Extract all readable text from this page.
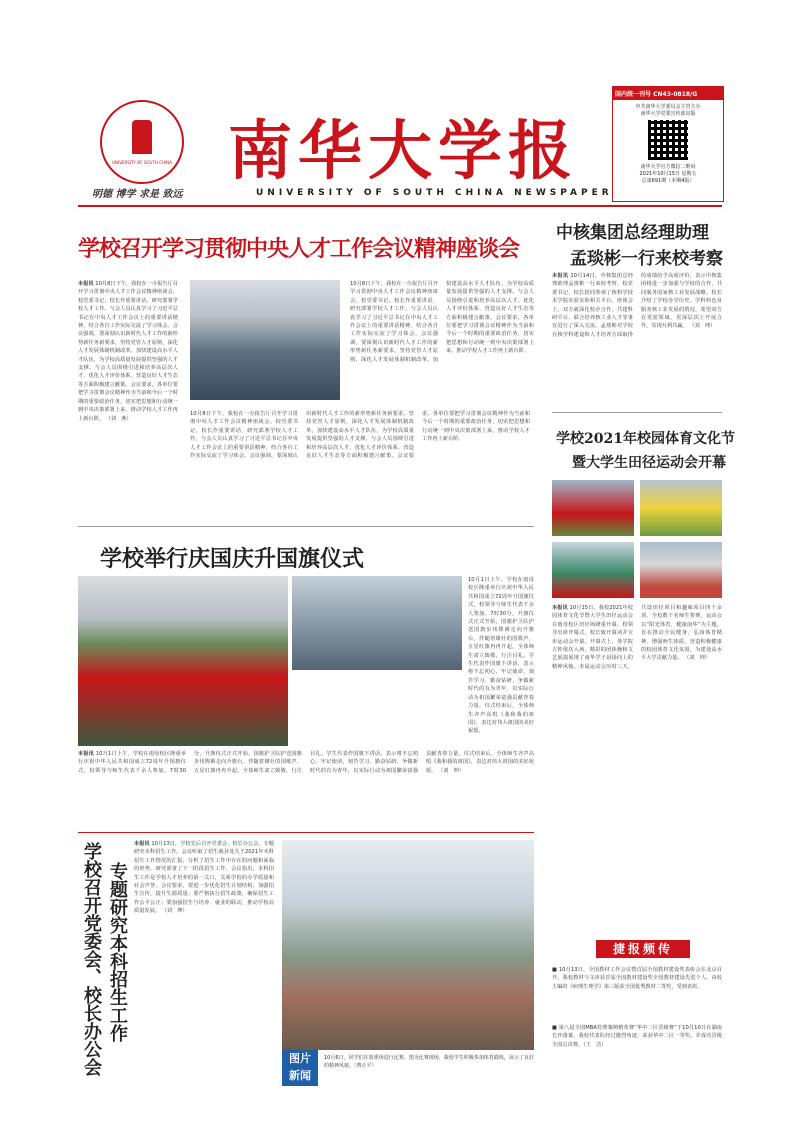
UNIVERSITY OF SOUTH CHINA
明德 博学 求是 致远
南华大学报
UNIVERSITY OF SOUTH CHINA NEWSPAPER
国内统一刊号 CN43-0818/G
中共南华大学委员会主管主办
南华大学党委宣传部出版
南华大学官方微信二维码
2021年10月15日 星期五
总第691期（本期4版）
学校召开学习贯彻中央人才工作会议精神座谈会
本报讯 10月8日下午，我校在一办报告厅召开学习贯彻中央人才工作会议精神座谈会，校党委书记、校长作重要讲话，研究部署学校人才工作。与会人员认真学习了习近平总书记在中央人才工作会议上的重要讲话精神，结合各自工作实际交流了学习体会。会议强调，要深刻认识新时代人才工作的新形势新任务新要求，坚持党管人才原则，深化人才发展体制机制改革，加快建设高水平人才队伍，为学校高质量发展提供坚强的人才支撑。与会人员围绕引进和培养高层次人才、优化人才评价体系、营造良好人才生态等方面积极建言献策。会议要求，各单位要把学习贯彻会议精神作为当前和今后一个时期的重要政治任务，切实把思想和行动统一到中央决策部署上来，推动学校人才工作再上新台阶。 （刘　燕）
10月8日下午，我校在一办报告厅召开学习贯彻中央人才工作会议精神座谈会，校党委书记、校长作重要讲话，研究部署学校人才工作。与会人员认真学习了习近平总书记在中央人才工作会议上的重要讲话精神，结合各自工作实际交流了学习体会。会议强调，要深刻认识新时代人才工作的新形势新任务新要求，坚持党管人才原则，深化人才发展体制机制改革，加快建设高水平人才队伍，为学校高质量发展提供坚强的人才支撑。与会人员围绕引进和培养高层次人才、优化人才评价体系、营造良好人才生态等方面积极建言献策。会议要求，各单位要把学习贯彻会议精神作为当前和今后一个时期的重要政治任务，切实把思想和行动统一到中央决策部署上来，推动学校人才工作再上新台阶。
10月8日下午，我校在一办报告厅召开学习贯彻中央人才工作会议精神座谈会，校党委书记、校长作重要讲话，研究部署学校人才工作。与会人员认真学习了习近平总书记在中央人才工作会议上的重要讲话精神，结合各自工作实际交流了学习体会。会议强调，要深刻认识新时代人才工作的新形势新任务新要求，坚持党管人才原则，深化人才发展体制机制改革，加快建设高水平人才队伍，为学校高质量发展提供坚强的人才支撑。与会人员围绕引进和培养高层次人才、优化人才评价体系、营造良好人才生态等方面积极建言献策。会议要求，各单位要把学习贯彻会议精神作为当前和今后一个时期的重要政治任务，切实把思想和行动统一到中央决策部署上来，推动学校人才工作再上新台阶。
中核集团总经理助理
孟琰彬一行来校考察
本报讯 10月14日，中核集团总经理助理孟琰彬一行来校考察，校党委书记、校长陪同参观了核科学技术学院实验室和相关平台。座谈会上，双方就深化校企合作、共建科研平台、联合培养核工业人才等事宜进行了深入交流。孟琰彬对学校在核学科建设和人才培养方面取得的成绩给予高度评价，表示中核集团将进一步加强与学校的合作，共同服务国家核工业发展战略。校长介绍了学校办学历史、学科特色及服务核工业发展的情况，希望双方在更宽领域、更深层次上开展合作，实现互利共赢。 （刘　坤）
学校2021年校园体育文化节
暨大学生田径运动会开幕
本报讯 10月15日，我校2021年校园体育文化节暨大学生田径运动会在雨母校区田径场隆重开幕。校领导出席开幕式，校长致开幕词并宣布运动会开幕。开幕式上，各学院方阵依次入场，精彩的团体操和文艺展演展现了南华学子昂扬向上的精神风貌。本届运动会历时三天，共设田径项目和趣味项目四十余项，全校数千名师生参赛。运动会以“阳光体育，健康南华”为主题，旨在推动全民健身，弘扬体育精神，增强师生体质，营造积极健康的校园体育文化氛围，为建设高水平大学贡献力量。 （刘　坤）
学校举行庆国庆升国旗仪式
10月1日上午，学校在雨母校区隆重举行庆祝中华人民共和国成立72周年升国旗仪式，校领导与师生代表千余人参加。7时30分，升旗仪式正式开始，国旗护卫队护送国旗步伐铿锵走向升旗台。伴随着雄壮的国歌声，五星红旗冉冉升起，全体师生肃立致敬，行注目礼。学生代表作国旗下讲话，表示将不忘初心、牢记使命，刻苦学习、勤奋钻研，争做新时代的有为青年，以实际行动为祖国繁荣富强贡献青春力量。仪式结束后，全体师生齐声高唱《我和我的祖国》，表达对伟大祖国的美好祝愿。
本报讯 10月1日上午，学校在雨母校区隆重举行庆祝中华人民共和国成立72周年升国旗仪式，校领导与师生代表千余人参加。7时30分，升旗仪式正式开始，国旗护卫队护送国旗步伐铿锵走向升旗台。伴随着雄壮的国歌声，五星红旗冉冉升起，全体师生肃立致敬，行注目礼。学生代表作国旗下讲话，表示将不忘初心、牢记使命，刻苦学习、勤奋钻研，争做新时代的有为青年，以实际行动为祖国繁荣富强贡献青春力量。仪式结束后，全体师生齐声高唱《我和我的祖国》，表达对伟大祖国的美好祝愿。 （刘　坤）
学校召开党委会、校长办公会 专题研究本科招生工作
本报讯 10月13日，学校先后召开党委会、校长办公会，专题研究本科招生工作。会议听取了招生就业处关于2021年本科招生工作情况的汇报，分析了招生工作中存在的问题和面临的形势，研究部署了下一阶段招生工作。会议指出，本科招生工作是学校人才培养的第一关口，关系学校的办学质量和社会声誉。会议要求，要进一步优化招生计划结构，加强招生宣传，提升生源质量；要严格执行招生政策，确保招生工作公平公正；要加强招生与培养、就业的联动，推动学校高质量发展。 （刘　坤）
图片
新闻
10月6日，同学们在篮球场进行比赛。图为比赛现场，我校学生积极参加体育锻炼，展示了良好的精神风貌。（曹正平）
捷报频传
■ 10月13日，全国教材工作会议暨首届全国教材建设奖表彰会在北京召开。我校教材与文章获首届全国教材建设奖全国教材建设先进个人，由校主编的《病理生理学》第三版获全国优秀教材二等奖，受到表彰。
■ 第八届全国MBA管理案例精英赛“华中二区晋级赛”于10月10日在湖南长沙落幕，我校代表队经过激烈角逐，荣获华中二区一等奖，并成功晋级全国总决赛。（王　洁）
